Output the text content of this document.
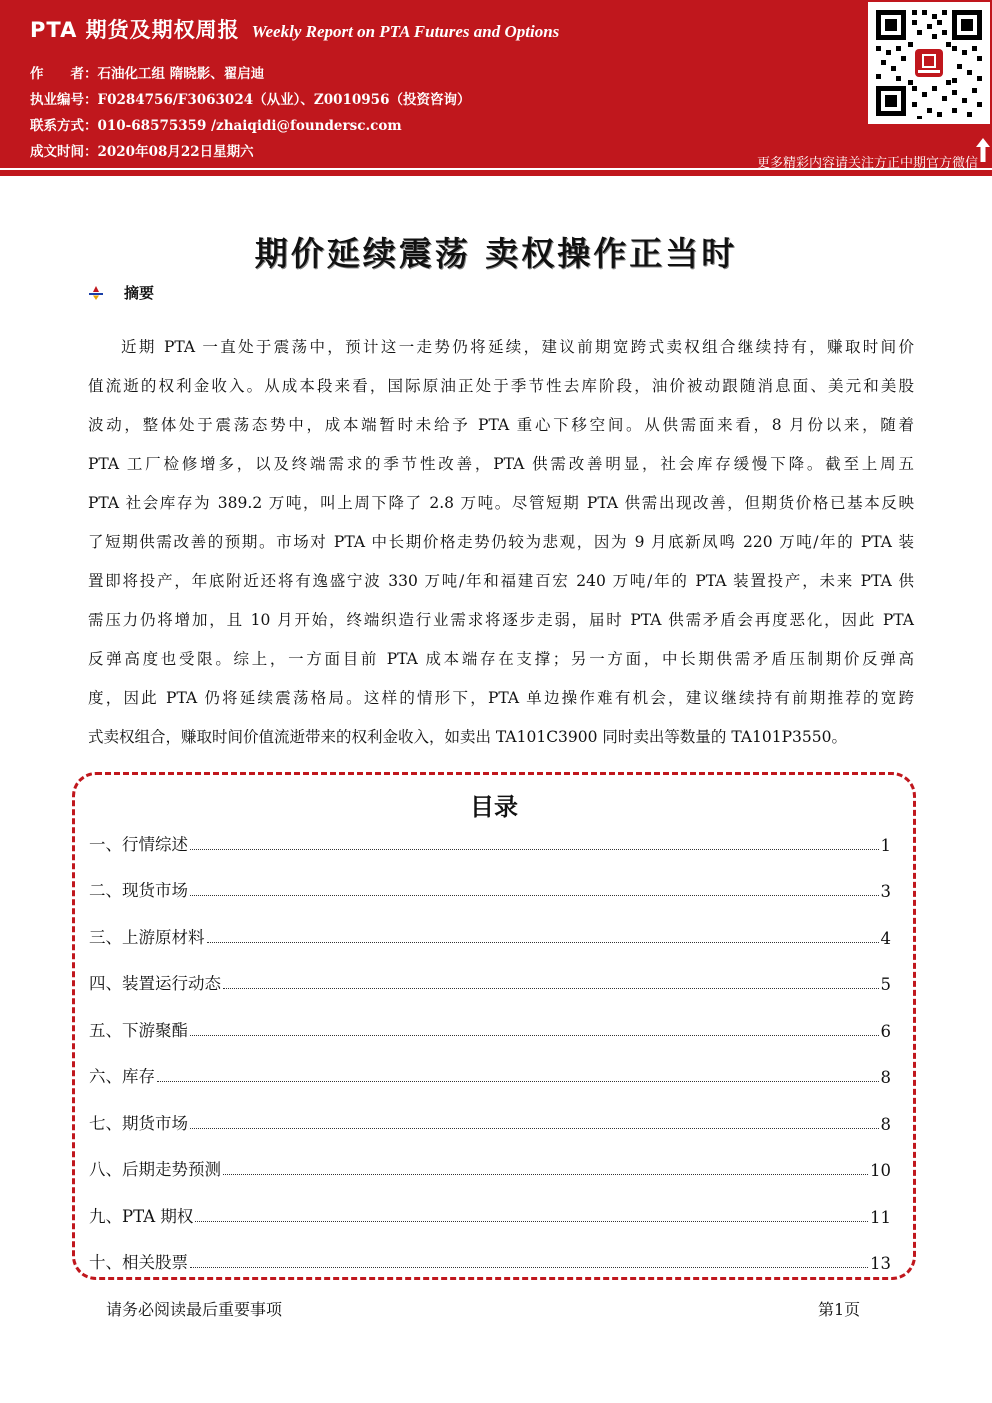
PTA 期货及期权周报 Weekly Report on PTA Futures and Options
作　　者：石油化工组 隋晓影、翟启迪
执业编号：F0284756/F3063024（从业）、Z0010956（投资咨询）
联系方式：010-68575359 /zhaiqidi@foundersc.com
成文时间：2020年08月22日星期六
更多精彩内容请关注方正中期官方微信
期价延续震荡 卖权操作正当时
摘要
近期 PTA 一直处于震荡中，预计这一走势仍将延续，建议前期宽跨式卖权组合继续持有，赚取时间价
值流逝的权利金收入。从成本段来看，国际原油正处于季节性去库阶段，油价被动跟随消息面、美元和美股
波动，整体处于震荡态势中，成本端暂时未给予 PTA 重心下移空间。从供需面来看，8 月份以来，随着
PTA 工厂检修增多，以及终端需求的季节性改善，PTA 供需改善明显，社会库存缓慢下降。截至上周五
PTA 社会库存为 389.2 万吨，叫上周下降了 2.8 万吨。尽管短期 PTA 供需出现改善，但期货价格已基本反映
了短期供需改善的预期。市场对 PTA 中长期价格走势仍较为悲观，因为 9 月底新凤鸣 220 万吨/年的 PTA 装
置即将投产，年底附近还将有逸盛宁波 330 万吨/年和福建百宏 240 万吨/年的 PTA 装置投产，未来 PTA 供
需压力仍将增加，且 10 月开始，终端织造行业需求将逐步走弱，届时 PTA 供需矛盾会再度恶化，因此 PTA
反弹高度也受限。综上，一方面目前 PTA 成本端存在支撑；另一方面，中长期供需矛盾压制期价反弹高
度，因此 PTA 仍将延续震荡格局。这样的情形下，PTA 单边操作难有机会，建议继续持有前期推荐的宽跨
式卖权组合，赚取时间价值流逝带来的权利金收入，如卖出 TA101C3900 同时卖出等数量的 TA101P3550。
目录
一、行情综述	1
二、现货市场	3
三、上游原材料	4
四、装置运行动态	5
五、下游聚酯	6
六、库存	8
七、期货市场	8
八、后期走势预测	10
九、PTA 期权	11
十、相关股票	13
请务必阅读最后重要事项	第1页
